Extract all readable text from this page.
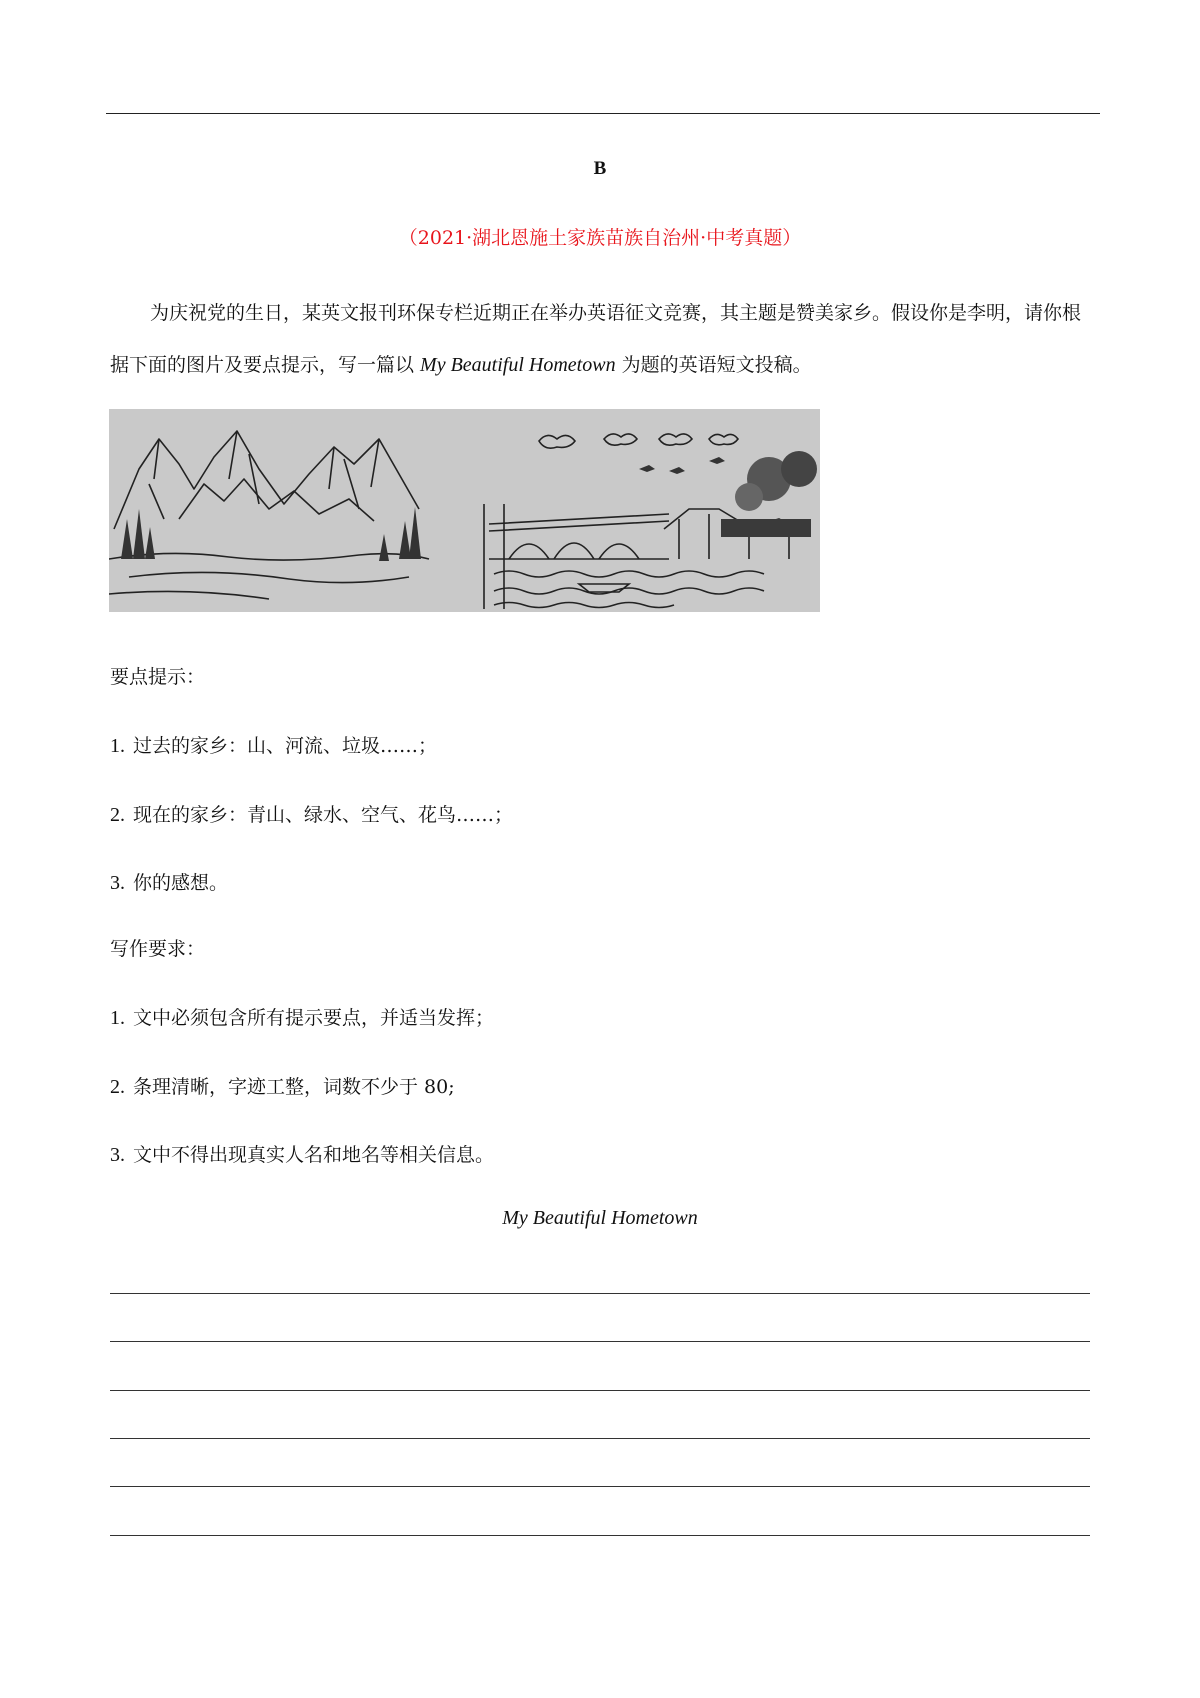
B
（2021·湖北恩施土家族苗族自治州·中考真题）
为庆祝党的生日，某英文报刊环保专栏近期正在举办英语征文竞赛，其主题是赞美家乡。假设你是李明，请你根据下面的图片及要点提示，写一篇以 My Beautiful Hometown 为题的英语短文投稿。
要点提示：
1. 过去的家乡：山、河流、垃圾……；
2. 现在的家乡：青山、绿水、空气、花鸟……；
3. 你的感想。
写作要求：
1. 文中必须包含所有提示要点，并适当发挥；
2. 条理清晰，字迹工整，词数不少于 80;
3. 文中不得出现真实人名和地名等相关信息。
My Beautiful Hometown
